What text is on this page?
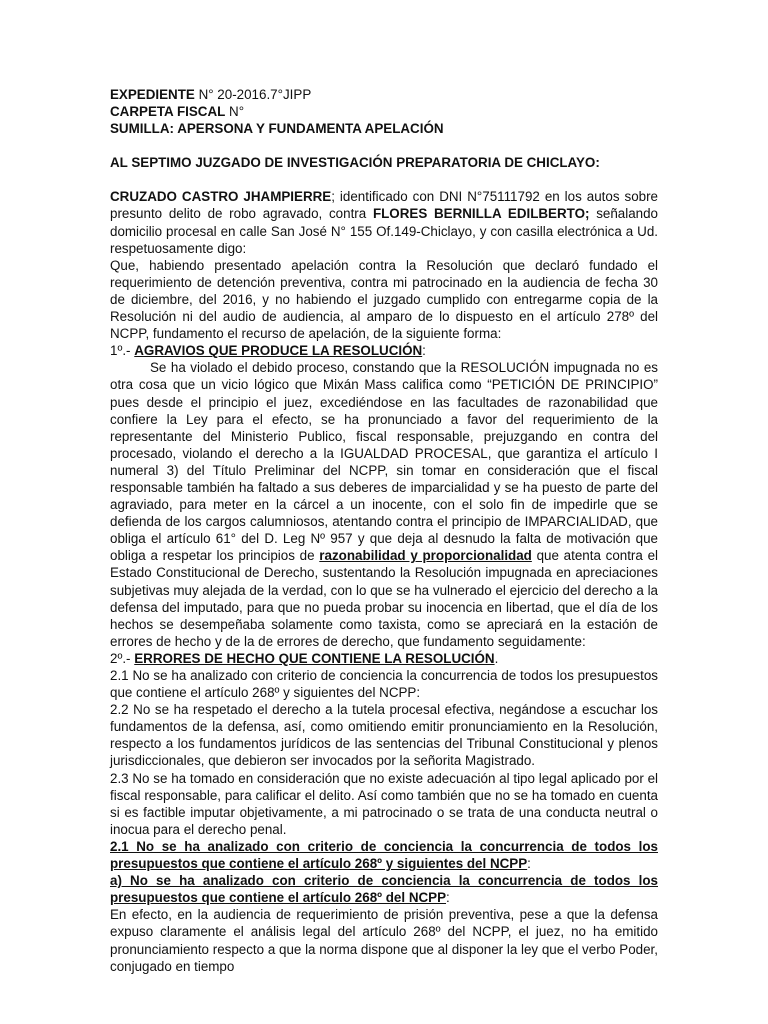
EXPEDIENTE N° 20-2016.7°JIPP

CARPETA FISCAL N°

SUMILLA: APERSONA Y FUNDAMENTA APELACIÓN

AL SEPTIMO JUZGADO DE INVESTIGACIÓN PREPARATORIA DE CHICLAYO:

CRUZADO CASTRO JHAMPIERRE; identificado con DNI N°75111792 en los autos sobre presunto delito de robo agravado, contra FLORES BERNILLA EDILBERTO; señalando domicilio procesal en calle San José N° 155 Of.149-Chiclayo, y con casilla electrónica a Ud. respetuosamente digo:

Que, habiendo presentado apelación contra la Resolución que declaró fundado el requerimiento de detención preventiva, contra mi patrocinado en la audiencia de fecha 30 de diciembre, del 2016, y no habiendo el juzgado cumplido con entregarme copia de la Resolución ni del audio de audiencia, al amparo de lo dispuesto en el artículo 278º del NCPP, fundamento el recurso de apelación, de la siguiente forma:

1º.- AGRAVIOS QUE PRODUCE LA RESOLUCIÓN:

Se ha violado el debido proceso, constando que la RESOLUCIÓN impugnada no es otra cosa que un vicio lógico que Mixán Mass califica como “PETICIÓN DE PRINCIPIO” pues desde el principio el juez, excediéndose en las facultades de razonabilidad que confiere la Ley para el efecto, se ha pronunciado a favor del requerimiento de la representante del Ministerio Publico, fiscal responsable, prejuzgando en contra del procesado, violando el derecho a la IGUALDAD PROCESAL, que garantiza el artículo I numeral 3) del Título Preliminar del NCPP, sin tomar en consideración que el fiscal responsable también ha faltado a sus deberes de imparcialidad y se ha puesto de parte del agraviado, para meter en la cárcel a un inocente, con el solo fin de impedirle que se defienda de los cargos calumniosos, atentando contra el principio de IMPARCIALIDAD, que obliga el artículo 61° del D. Leg Nº 957 y que deja al desnudo la falta de motivación que obliga a respetar los principios de razonabilidad y proporcionalidad que atenta contra el Estado Constitucional de Derecho, sustentando la Resolución impugnada en apreciaciones subjetivas muy alejada de la verdad, con lo que se ha vulnerado el ejercicio del derecho a la defensa del imputado, para que no pueda probar su inocencia en libertad, que el día de los hechos se desempeñaba solamente como taxista, como se apreciará en la estación de errores de hecho y de la de errores de derecho, que fundamento seguidamente:

2º.- ERRORES DE HECHO QUE CONTIENE LA RESOLUCIÓN.

2.1 No se ha analizado con criterio de conciencia la concurrencia de todos los presupuestos que contiene el artículo 268º y siguientes del NCPP:

2.2 No se ha respetado el derecho a la tutela procesal efectiva, negándose a escuchar los fundamentos de la defensa, así, como omitiendo emitir pronunciamiento en la Resolución, respecto a los fundamentos jurídicos de las sentencias del Tribunal Constitucional y plenos jurisdiccionales, que debieron ser invocados por la señorita Magistrado.

2.3 No se ha tomado en consideración que no existe adecuación al tipo legal aplicado por el fiscal responsable, para calificar el delito. Así como también que no se ha tomado en cuenta si es factible imputar objetivamente, a mi patrocinado o se trata de una conducta neutral o inocua para el derecho penal.

2.1 No se ha analizado con criterio de conciencia la concurrencia de todos los presupuestos que contiene el artículo 268º y siguientes del NCPP:

a) No se ha analizado con criterio de conciencia la concurrencia de todos los presupuestos que contiene el artículo 268º del NCPP:

En efecto, en la audiencia de requerimiento de prisión preventiva, pese a que la defensa expuso claramente el análisis legal del artículo 268º del NCPP, el juez, no ha emitido pronunciamiento respecto a que la norma dispone que al disponer la ley que el verbo Poder, conjugado en tiempo
